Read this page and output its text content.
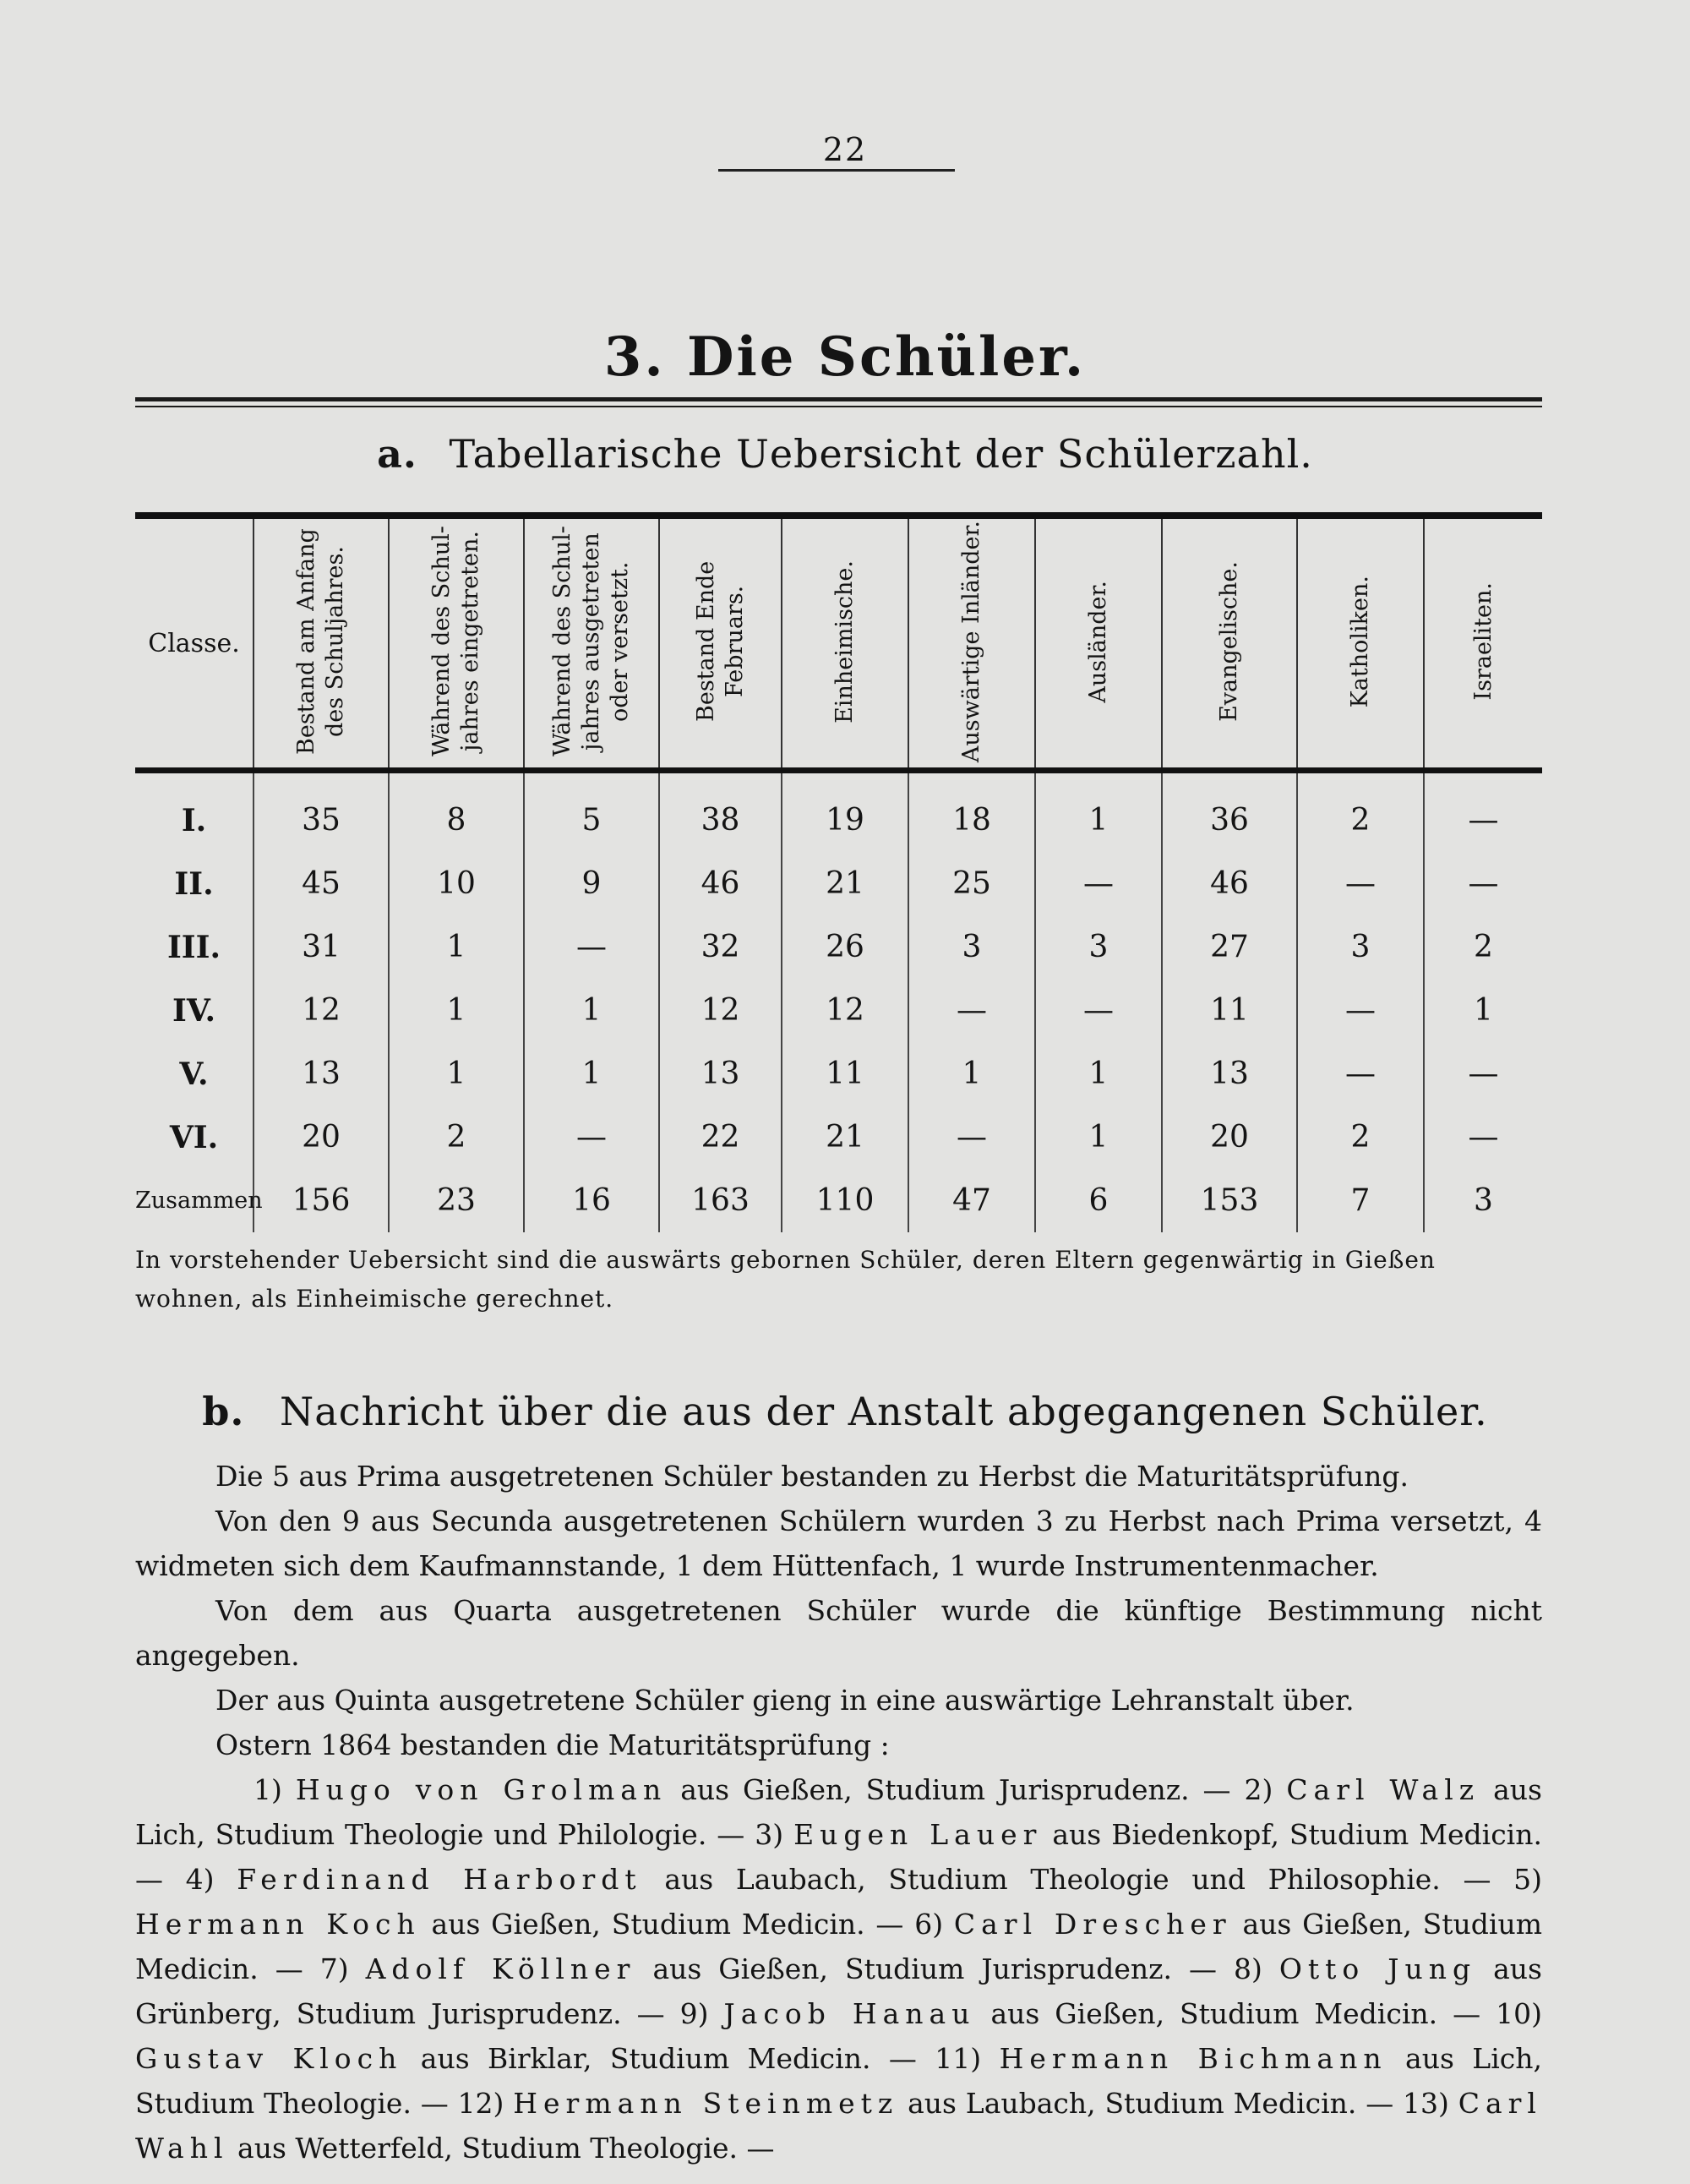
22
3. Die Schüler.
a. Tabellarische Uebersicht der Schülerzahl.
Classe.	Bestand am Anfang des Schuljahres.	Während des Schul-jahres eingetreten.	Während des Schul-jahres ausgetreten oder versetzt.	Bestand Ende Februars.	Einheimische.	Auswärtige Inländer.	Ausländer.	Evangelische.	Katholiken.	Israeliten.
I.	35	8	5	38	19	18	1	36	2	—
II.	45	10	9	46	21	25	—	46	—	—
III.	31	1	—	32	26	3	3	27	3	2
IV.	12	1	1	12	12	—	—	11	—	1
V.	13	1	1	13	11	1	1	13	—	—
VI.	20	2	—	22	21	—	1	20	2	—
Zusammen	156	23	16	163	110	47	6	153	7	3
In vorstehender Uebersicht sind die auswärts gebornen Schüler, deren Eltern gegenwärtig in Gießen wohnen, als Einheimische gerechnet.
b. Nachricht über die aus der Anstalt abgegangenen Schüler.

Die 5 aus Prima ausgetretenen Schüler bestanden zu Herbst die Maturitätsprüfung.

Von den 9 aus Secunda ausgetretenen Schülern wurden 3 zu Herbst nach Prima versetzt, 4 widmeten sich dem Kaufmannstande, 1 dem Hüttenfach, 1 wurde Instrumentenmacher.

Von dem aus Quarta ausgetretenen Schüler wurde die künftige Bestimmung nicht angegeben.

Der aus Quinta ausgetretene Schüler gieng in eine auswärtige Lehranstalt über.

Ostern 1864 bestanden die Maturitätsprüfung :

1) Hugo von Grolman aus Gießen, Studium Jurisprudenz. — 2) Carl Walz aus Lich, Studium Theologie und Philologie. — 3) Eugen Lauer aus Biedenkopf, Studium Medicin. — 4) Ferdinand Harbordt aus Laubach, Studium Theologie und Philosophie. — 5) Hermann Koch aus Gießen, Studium Medicin. — 6) Carl Drescher aus Gießen, Studium Medicin. — 7) Adolf Köllner aus Gießen, Studium Jurisprudenz. — 8) Otto Jung aus Grünberg, Studium Jurisprudenz. — 9) Jacob Hanau aus Gießen, Studium Medicin. — 10) Gustav Kloch aus Birklar, Studium Medicin. — 11) Hermann Bichmann aus Lich, Studium Theologie. — 12) Hermann Steinmetz aus Laubach, Studium Medicin. — 13) Carl Wahl aus Wetterfeld, Studium Theologie. —
